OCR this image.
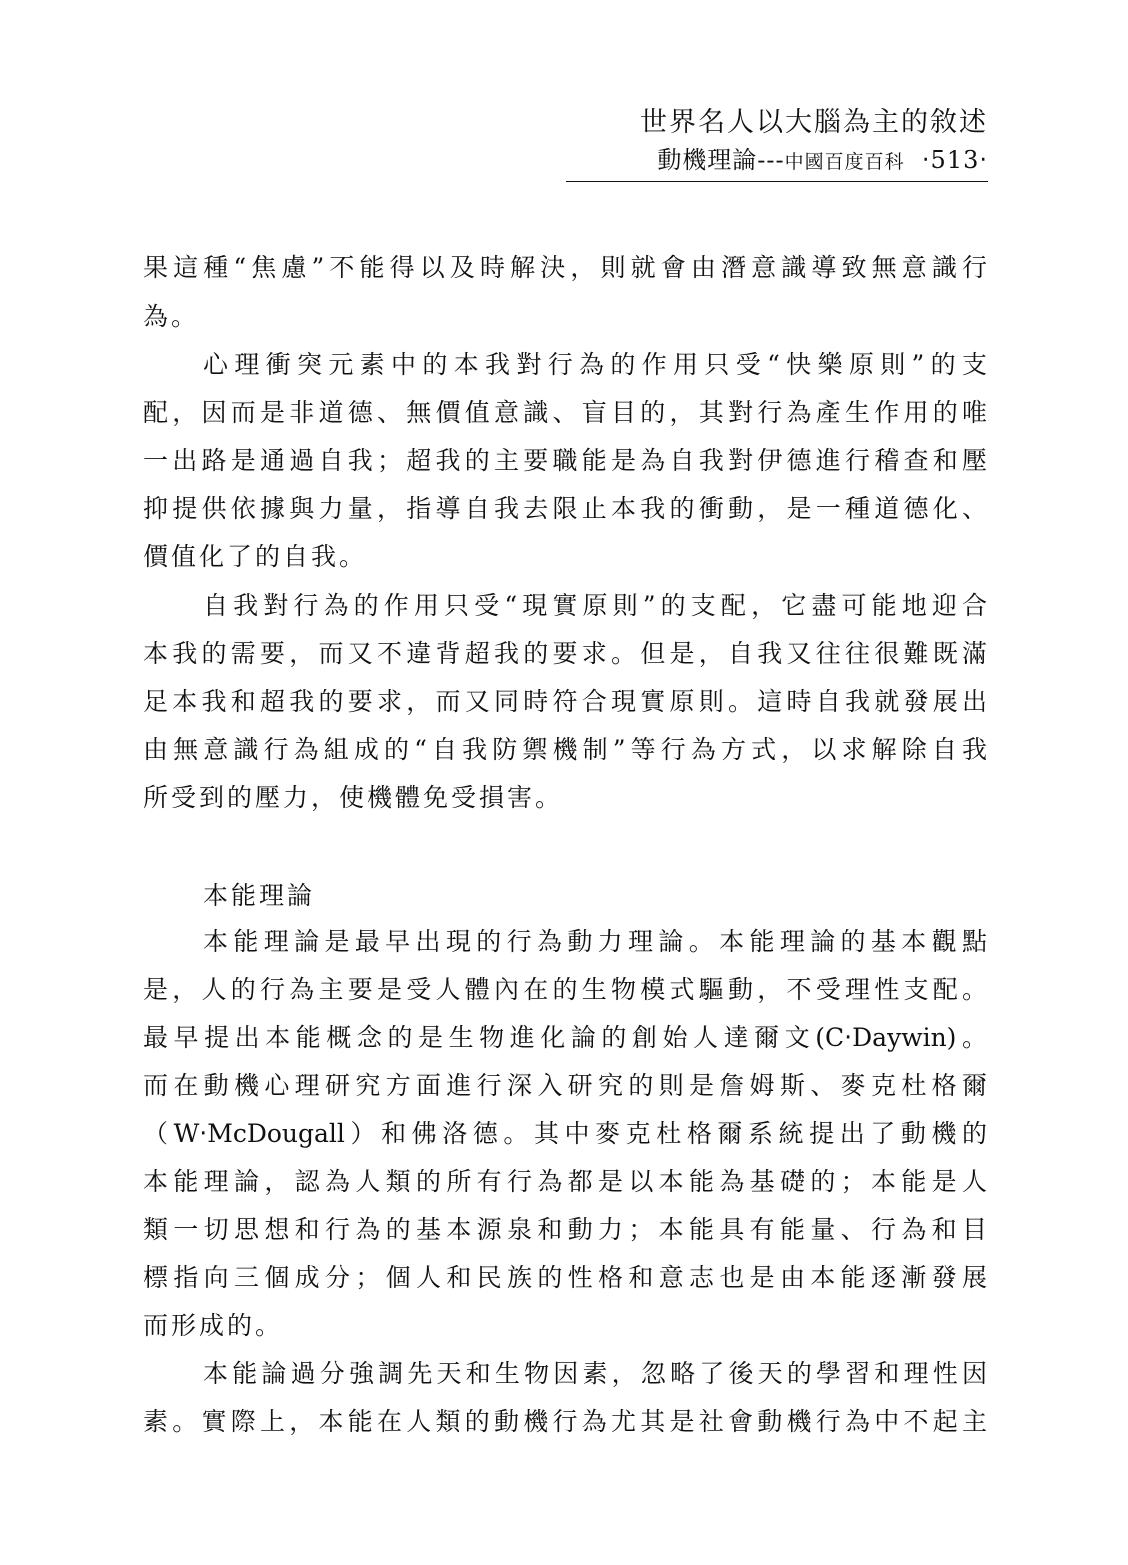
世界名人以大腦為主的敘述
動機理論---中國百度百科 ‧513‧
果這種“焦慮”不能得以及時解決，則就會由潛意識導致無意識行
為。
心理衝突元素中的本我對行為的作用只受“快樂原則”的支
配，因而是非道德、無價值意識、盲目的，其對行為產生作用的唯
一出路是通過自我；超我的主要職能是為自我對伊德進行稽查和壓
抑提供依據與力量，指導自我去限止本我的衝動，是一種道德化、
價值化了的自我。
自我對行為的作用只受“現實原則”的支配，它盡可能地迎合
本我的需要，而又不違背超我的要求。但是，自我又往往很難既滿
足本我和超我的要求，而又同時符合現實原則。這時自我就發展出
由無意識行為組成的“自我防禦機制”等行為方式，以求解除自我
所受到的壓力，使機體免受損害。
本能理論
本能理論是最早出現的行為動力理論。本能理論的基本觀點
是，人的行為主要是受人體內在的生物模式驅動，不受理性支配。
最早提出本能概念的是生物進化論的創始人達爾文(C‧Daywin)。
而在動機心理研究方面進行深入研究的則是詹姆斯、麥克杜格爾
（W‧McDougall）和佛洛德。其中麥克杜格爾系統提出了動機的
本能理論，認為人類的所有行為都是以本能為基礎的；本能是人
類一切思想和行為的基本源泉和動力；本能具有能量、行為和目
標指向三個成分；個人和民族的性格和意志也是由本能逐漸發展
而形成的。
本能論過分強調先天和生物因素，忽略了後天的學習和理性因
素。實際上，本能在人類的動機行為尤其是社會動機行為中不起主
